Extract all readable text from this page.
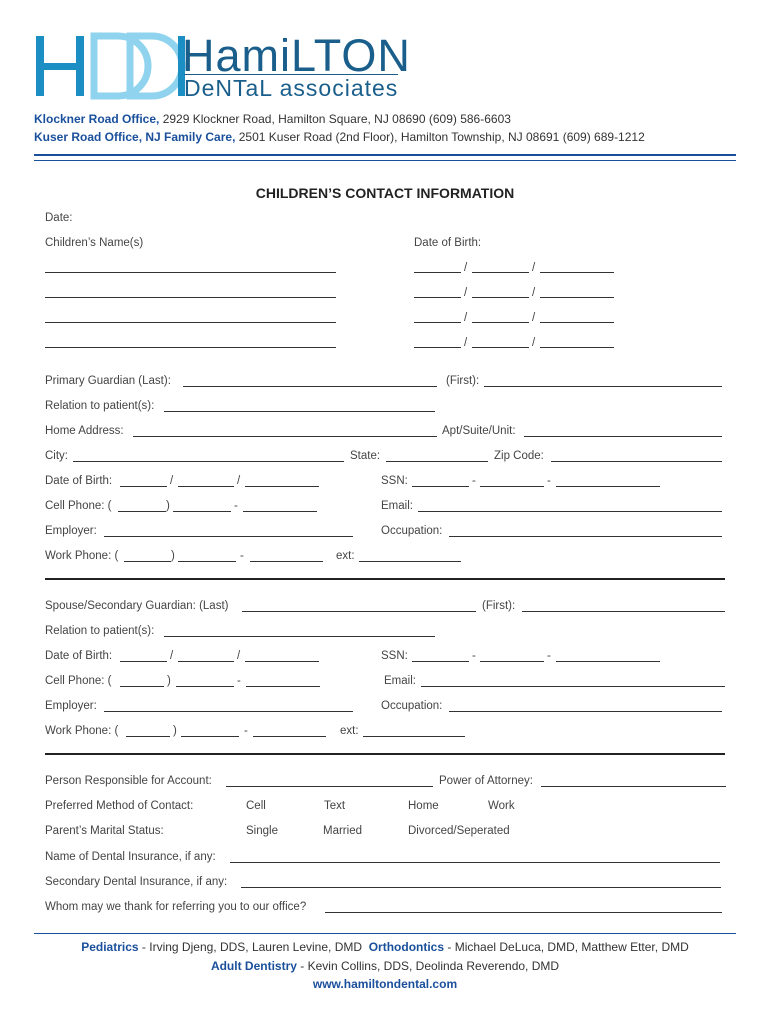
HamiLTON
DeNTaL associates
Klockner Road Office, 2929 Klockner Road, Hamilton Square, NJ 08690 (609) 586-6603
Kuser Road Office, NJ Family Care, 2501 Kuser Road (2nd Floor), Hamilton Township, NJ 08691 (609) 689-1212
CHILDREN’S CONTACT INFORMATION
Date:
Children’s Name(s)	Date of Birth:
/	/
/	/
/	/
/	/
Primary Guardian (Last):	(First):
Relation to patient(s):
Home Address:	Apt/Suite/Unit:
City:	State:	Zip Code:
Date of Birth:	/	/	SSN:	-	-
Cell Phone: (	)	-	Email:
Employer:	Occupation:
Work Phone: (	)	-	ext:
Spouse/Secondary Guardian: (Last)	(First):
Relation to patient(s):
Date of Birth:	/	/	SSN:	-	-
Cell Phone: (	)	-	Email:
Employer:	Occupation:
Work Phone: (	)	-	ext:
Person Responsible for Account:	Power of Attorney:
Preferred Method of Contact:	Cell	Text	Home	Work
Parent’s Marital Status:	Single	Married	Divorced/Seperated
Name of Dental Insurance, if any:
Secondary Dental Insurance, if any:
Whom may we thank for referring you to our office?
Pediatrics - Irving Djeng, DDS, Lauren Levine, DMD Orthodontics - Michael DeLuca, DMD, Matthew Etter, DMD
Adult Dentistry - Kevin Collins, DDS, Deolinda Reverendo, DMD
www.hamiltondental.com
